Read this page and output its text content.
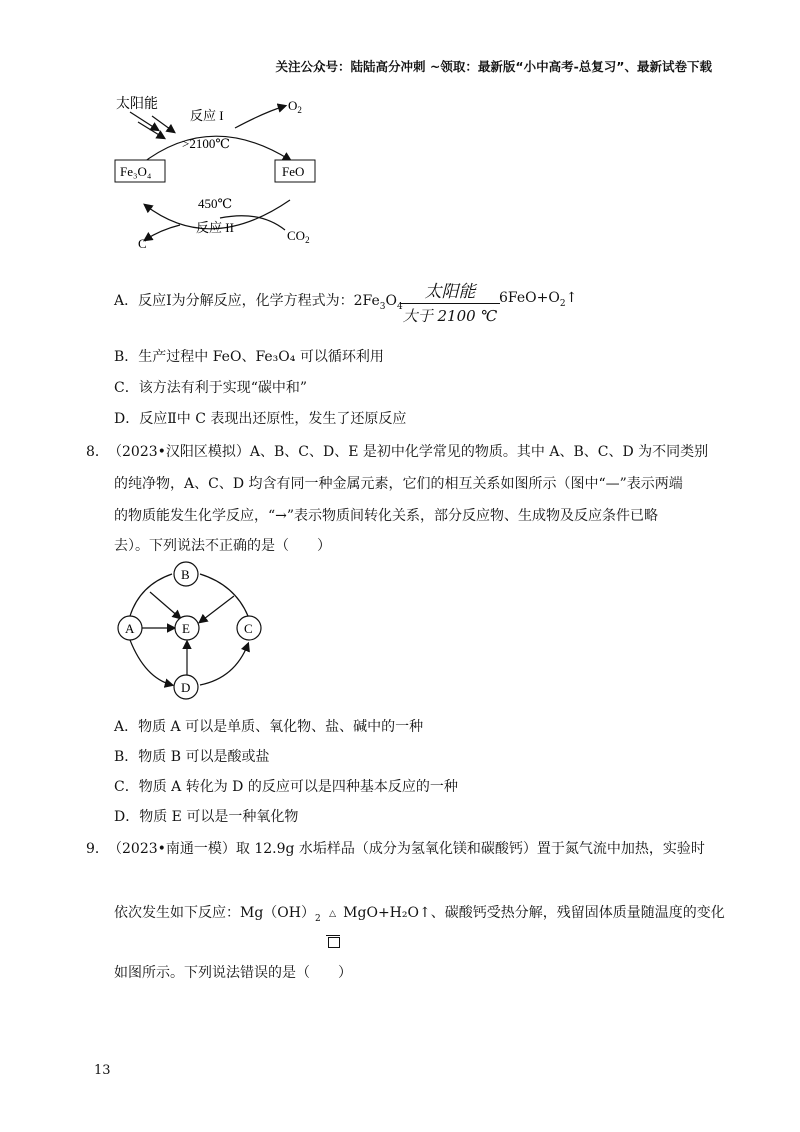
关注公众号：陆陆高分冲刺 ~领取：最新版“小中高考-总复习”、最新试卷下载
Fe₃O₄	FeO
太阳能
反应 I
>2100℃
$O_2$
450℃
反应 II
C
$CO_2$
A．反应Ⅰ为分解反应，化学方程式为：$2Fe_3O_4$
太阳能
大于 2100 ℃
$6FeO+O_2↑$
B．生产过程中 FeO、Fe₃O₄ 可以循环利用
C．该方法有利于实现“碳中和”
D．反应Ⅱ中 C 表现出还原性，发生了还原反应
8． （2023•汉阳区模拟）A、B、C、D、E 是初中化学常见的物质。其中 A、B、C、D 为不同类别
的纯净物，A、C、D 均含有同一种金属元素，它们的相互关系如图所示（图中“—”表示两端
的物质能发生化学反应，“→”表示物质间转化关系，部分反应物、生成物及反应条件已略
去）。下列说法不正确的是（　　）
B
A	E	C
D
A．物质 A 可以是单质、氧化物、盐、碱中的一种
B．物质 B 可以是酸或盐
C．物质 A 转化为 D 的反应可以是四种基本反应的一种
D．物质 E 可以是一种氧化物
9． （2023•南通一模）取 12.9g 水垢样品（成分为氢氧化镁和碳酸钙）置于氮气流中加热，实验时
依次发生如下反应：$Mg(OH)_2$ △ MgO+H₂O↑、碳酸钙受热分解，残留固体质量随温度的变化
如图所示。下列说法错误的是（　　）
13
